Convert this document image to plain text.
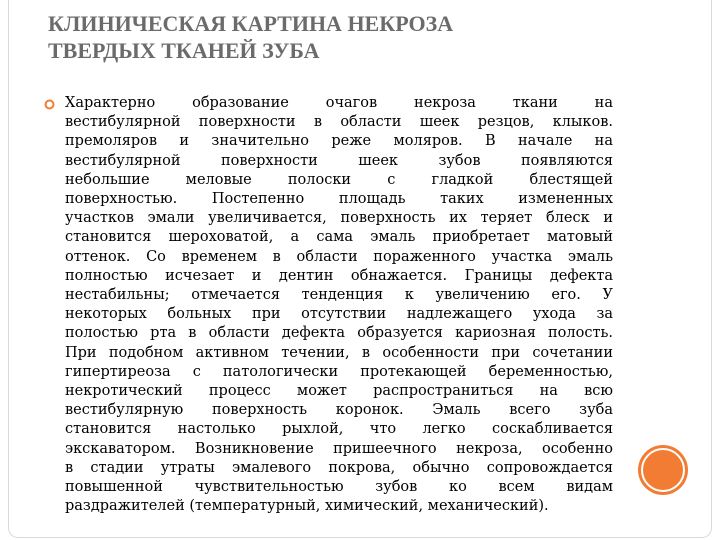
КЛИНИЧЕСКАЯ КАРТИНА НЕКРОЗА
ТВЕРДЫХ ТКАНЕЙ ЗУБА

Характерно образование очагов некроза ткани на
вестибулярной поверхности в области шеек резцов, клыков.
премоляров и значительно реже моляров. В начале на
вестибулярной поверхности шеек зубов появляются
небольшие меловые полоски с гладкой блестящей
поверхностью. Постепенно площадь таких измененных
участков эмали увеличивается, поверхность их теряет блеск и
становится шероховатой, а сама эмаль приобретает матовый
оттенок. Со временем в области пораженного участка эмаль
полностью исчезает и дентин обнажается. Границы дефекта
нестабильны; отмечается тенденция к увеличению его. У
некоторых больных при отсутствии надлежащего ухода за
полостью рта в области дефекта образуется кариозная полость.
При подобном активном течении, в особенности при сочетании
гипертиреоза с патологически протекающей беременностью,
некротический процесс может распространиться на всю
вестибулярную поверхность коронок. Эмаль всего зуба
становится настолько рыхлой, что легко соскабливается
экскаватором. Возникновение пришеечного некроза, особенно
в стадии утраты эмалевого покрова, обычно сопровождается
повышенной чувствительностью зубов ко всем видам
раздражителей (температурный, химический, механический).
